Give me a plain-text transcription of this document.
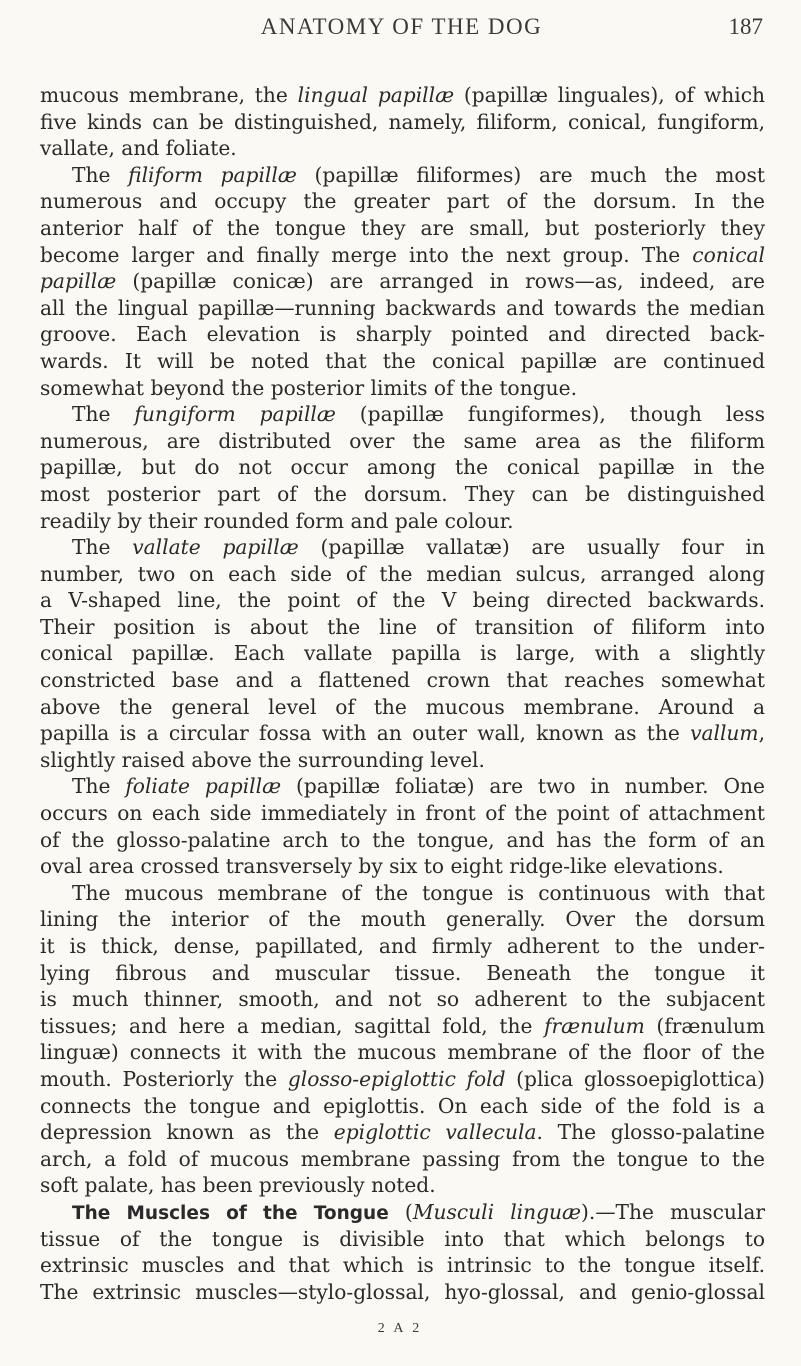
ANATOMY OF THE DOG	187
mucous membrane, the lingual papillæ (papillæ linguales), of which
five kinds can be distinguished, namely, filiform, conical, fungiform,
vallate, and foliate.
The filiform papillæ (papillæ filiformes) are much the most
numerous and occupy the greater part of the dorsum. In the
anterior half of the tongue they are small, but posteriorly they
become larger and finally merge into the next group. The conical
papillæ (papillæ conicæ) are arranged in rows—as, indeed, are
all the lingual papillæ—running backwards and towards the median
groove. Each elevation is sharply pointed and directed back-
wards. It will be noted that the conical papillæ are continued
somewhat beyond the posterior limits of the tongue.
The fungiform papillæ (papillæ fungiformes), though less
numerous, are distributed over the same area as the filiform
papillæ, but do not occur among the conical papillæ in the
most posterior part of the dorsum. They can be distinguished
readily by their rounded form and pale colour.
The vallate papillæ (papillæ vallatæ) are usually four in
number, two on each side of the median sulcus, arranged along
a V-shaped line, the point of the V being directed backwards.
Their position is about the line of transition of filiform into
conical papillæ. Each vallate papilla is large, with a slightly
constricted base and a flattened crown that reaches somewhat
above the general level of the mucous membrane. Around a
papilla is a circular fossa with an outer wall, known as the vallum,
slightly raised above the surrounding level.
The foliate papillæ (papillæ foliatæ) are two in number. One
occurs on each side immediately in front of the point of attachment
of the glosso-palatine arch to the tongue, and has the form of an
oval area crossed transversely by six to eight ridge-like elevations.
The mucous membrane of the tongue is continuous with that
lining the interior of the mouth generally. Over the dorsum
it is thick, dense, papillated, and firmly adherent to the under-
lying fibrous and muscular tissue. Beneath the tongue it
is much thinner, smooth, and not so adherent to the subjacent
tissues; and here a median, sagittal fold, the frænulum (frænulum
linguæ) connects it with the mucous membrane of the floor of the
mouth. Posteriorly the glosso-epiglottic fold (plica glossoepiglottica)
connects the tongue and epiglottis. On each side of the fold is a
depression known as the epiglottic vallecula. The glosso-palatine
arch, a fold of mucous membrane passing from the tongue to the
soft palate, has been previously noted.
The Muscles of the Tongue (Musculi linguæ).—The muscular
tissue of the tongue is divisible into that which belongs to
extrinsic muscles and that which is intrinsic to the tongue itself.
The extrinsic muscles—stylo-glossal, hyo-glossal, and genio-glossal
2 A 2
